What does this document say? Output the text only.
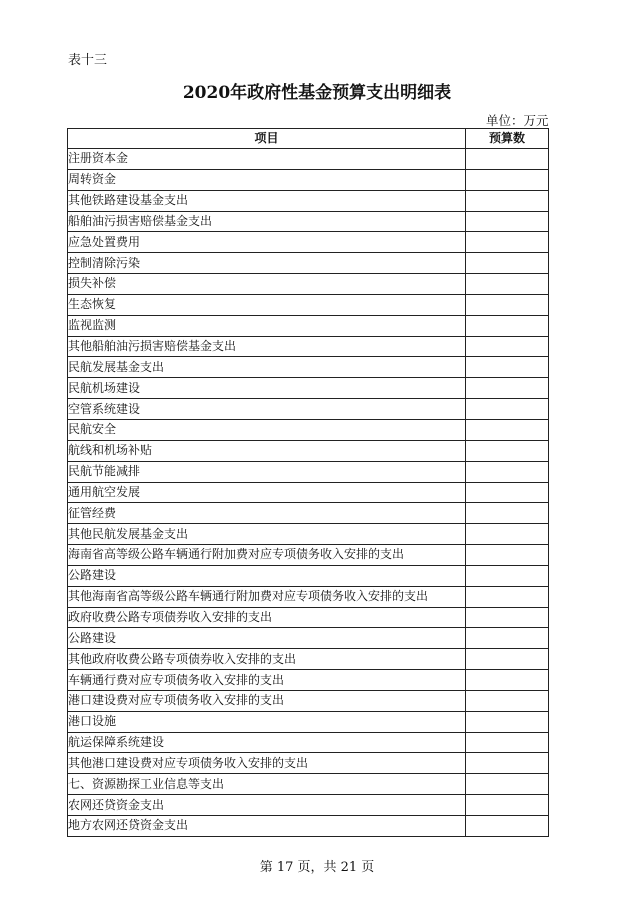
表十三
2020年政府性基金预算支出明细表
单位：万元
项目	预算数
注册资本金	
周转资金	
其他铁路建设基金支出	
船舶油污损害赔偿基金支出	
应急处置费用	
控制清除污染	
损失补偿	
生态恢复	
监视监测	
其他船舶油污损害赔偿基金支出	
民航发展基金支出	
民航机场建设	
空管系统建设	
民航安全	
航线和机场补贴	
民航节能减排	
通用航空发展	
征管经费	
其他民航发展基金支出	
海南省高等级公路车辆通行附加费对应专项债务收入安排的支出	
公路建设	
其他海南省高等级公路车辆通行附加费对应专项债务收入安排的支出	
政府收费公路专项债券收入安排的支出	
公路建设	
其他政府收费公路专项债券收入安排的支出	
车辆通行费对应专项债务收入安排的支出	
港口建设费对应专项债务收入安排的支出	
港口设施	
航运保障系统建设	
其他港口建设费对应专项债务收入安排的支出	
七、资源勘探工业信息等支出	
农网还贷资金支出	
地方农网还贷资金支出	
第 17 页，共 21 页
